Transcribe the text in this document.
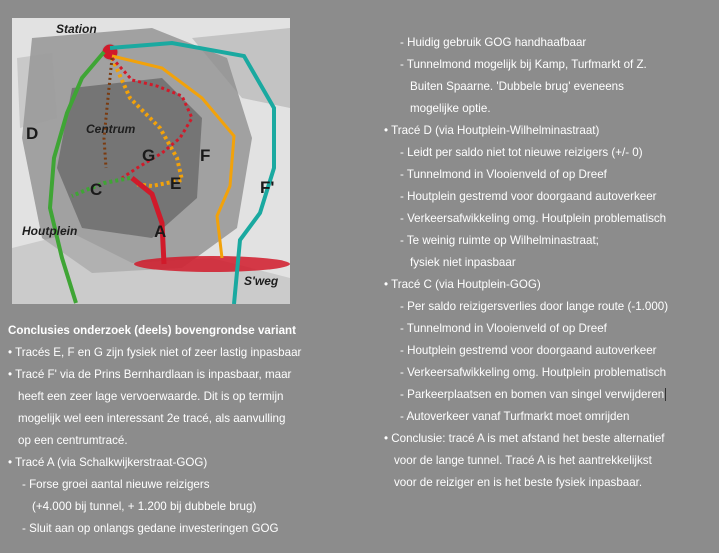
Station
Centrum
Houtplein
S'weg
D
G	F
C	E	F'
A
Conclusies onderzoek (deels) bovengrondse variant
• Tracés E, F en G zijn fysiek niet of zeer lastig inpasbaar
• Tracé F' via de Prins Bernhardlaan is inpasbaar, maar
heeft een zeer lage vervoerwaarde. Dit is op termijn
mogelijk wel een interessant 2e tracé, als aanvulling
op een centrumtracé.
• Tracé A (via Schalkwijkerstraat-GOG)
- Forse groei aantal nieuwe reizigers
(+4.000 bij tunnel, + 1.200 bij dubbele brug)
- Sluit aan op onlangs gedane investeringen GOG
- Huidig gebruik GOG handhaafbaar
- Tunnelmond mogelijk bij Kamp, Turfmarkt of Z.
Buiten Spaarne. 'Dubbele brug' eveneens
mogelijke optie.
• Tracé D (via Houtplein-Wilhelminastraat)
- Leidt per saldo niet tot nieuwe reizigers (+/- 0)
- Tunnelmond in Vlooienveld of op Dreef
- Houtplein gestremd voor doorgaand autoverkeer
- Verkeersafwikkeling omg. Houtplein problematisch
- Te weinig ruimte op Wilhelminastraat;
fysiek niet inpasbaar
• Tracé C (via Houtplein-GOG)
- Per saldo reizigersverlies door lange route (-1.000)
- Tunnelmond in Vlooienveld of op Dreef
- Houtplein gestremd voor doorgaand autoverkeer
- Verkeersafwikkeling omg. Houtplein problematisch
- Parkeerplaatsen en bomen van singel verwijderen
- Autoverkeer vanaf Turfmarkt moet omrijden
• Conclusie: tracé A is met afstand het beste alternatief
voor de lange tunnel. Tracé A is het aantrekkelijkst
voor de reiziger en is het beste fysiek inpasbaar.
